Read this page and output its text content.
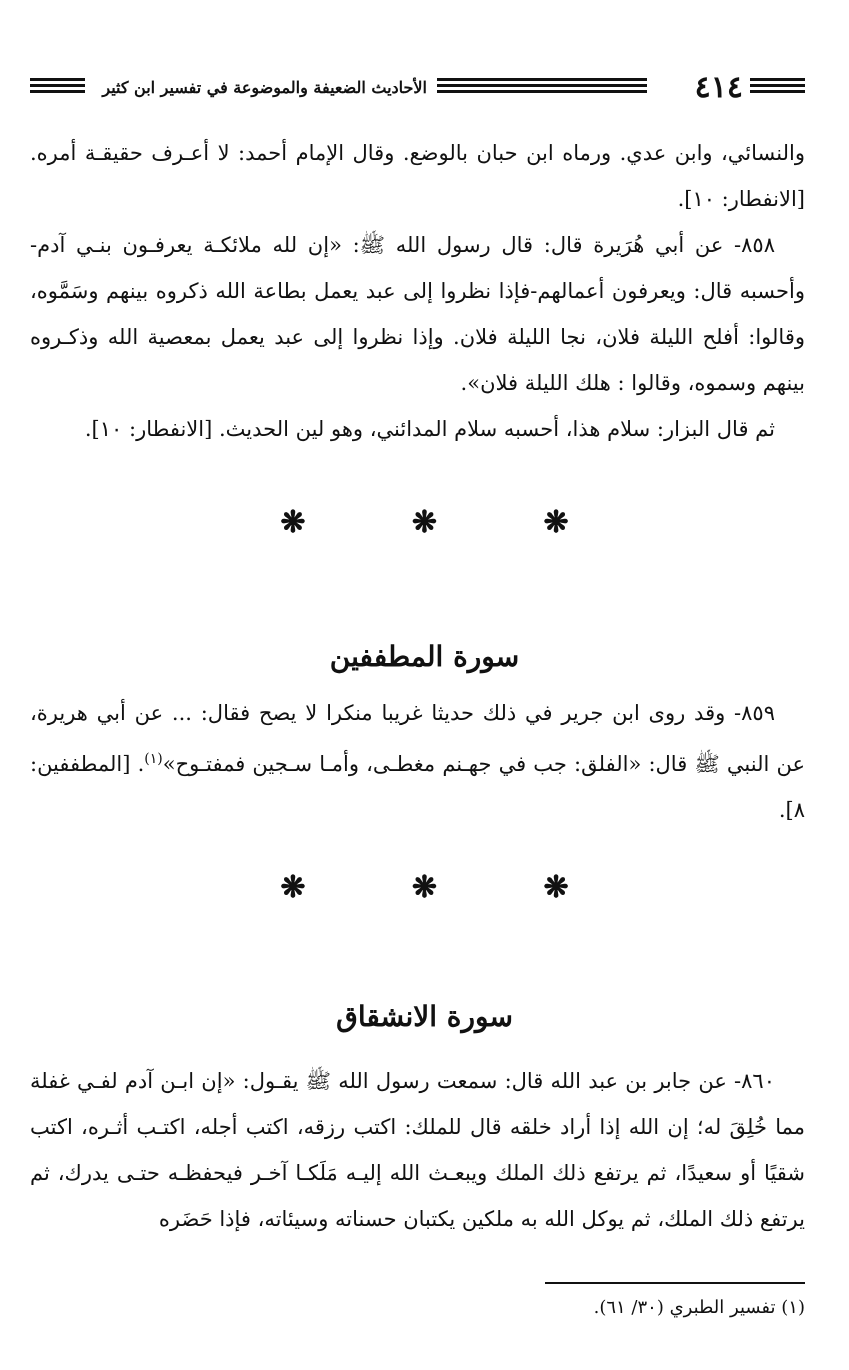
٤١٤
الأحاديث الضعيفة والموضوعة في تفسير ابن كثير

والنسائي، وابن عدي. ورماه ابن حبان بالوضع. وقال الإمام أحمد: لا أعـرف حقيقـة أمره. [الانفطار: ١٠].

٨٥٨- عن أبي هُرَيرة قال: قال رسول الله ﷺ: «إن لله ملائكـة يعرفـون بنـي آدم- وأحسبه قال: ويعرفون أعمالهم-فإذا نظروا إلى عبد يعمل بطاعة الله ذكروه بينهم وسَمَّوه، وقالوا: أفلح الليلة فلان، نجا الليلة فلان. وإذا نظروا إلى عبد يعمل بمعصية الله وذكـروه بينهم وسموه، وقالوا : هلك الليلة فلان».

ثم قال البزار: سلام هذا، أحسبه سلام المدائني، وهو لين الحديث. [الانفطار: ١٠].

❋ ❋ ❋
سورة المطففين

٨٥٩- وقد روى ابن جرير في ذلك حديثا غريبا منكرا لا يصح فقال: ... عن أبي هريرة، عن النبي ﷺ قال: «الفلق: جب في جهـنم مغطـى، وأمـا سـجين فمفتـوح»$^{(١)}$. [المطففين: ٨].

❋ ❋ ❋
سورة الانشقاق

٨٦٠- عن جابر بن عبد الله قال: سمعت رسول الله ﷺ يقـول: «إن ابـن آدم لفـي غفلة مما خُلِقَ له؛ إن الله إذا أراد خلقه قال للملك: اكتب رزقه، اكتب أجله، اكتـب أثـره، اكتب شقيًا أو سعيدًا، ثم يرتفع ذلك الملك ويبعـث الله إليـه مَلَكـا آخـر فيحفظـه حتـى يدرك، ثم يرتفع ذلك الملك، ثم يوكل الله به ملكين يكتبان حسناته وسيئاته، فإذا حَضَره

(١) تفسير الطبري (٣٠/ ٦١).
